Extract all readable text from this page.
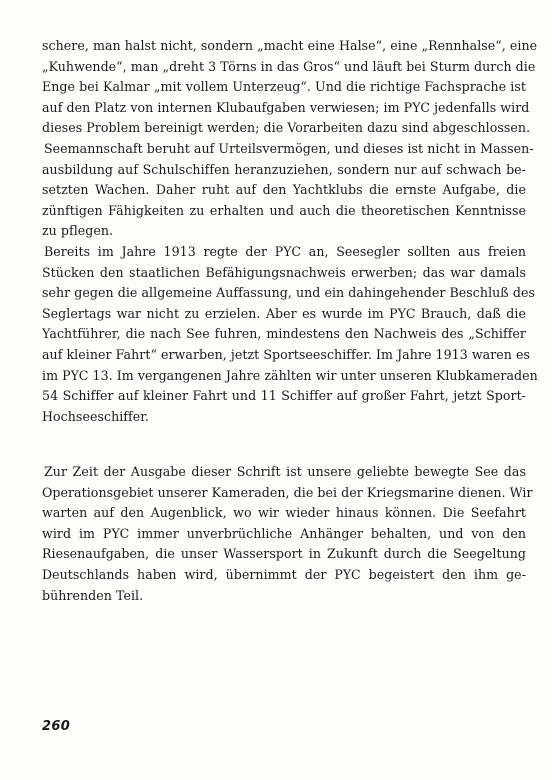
schere, man halst nicht, sondern „macht eine Halse“, eine „Rennhalse“, eine
„Kuhwende“, man „dreht 3 Törns in das Gros“ und läuft bei Sturm durch die
Enge bei Kalmar „mit vollem Unterzeug“. Und die richtige Fachsprache ist
auf den Platz von internen Klubaufgaben verwiesen; im PYC jedenfalls wird
dieses Problem bereinigt werden; die Vorarbeiten dazu sind abgeschlossen.
Seemannschaft beruht auf Urteilsvermögen, und dieses ist nicht in Massen-
ausbildung auf Schulschiffen heranzuziehen, sondern nur auf schwach be-
setzten Wachen. Daher ruht auf den Yachtklubs die ernste Aufgabe, die
zünftigen Fähigkeiten zu erhalten und auch die theoretischen Kenntnisse
zu pflegen.
Bereits im Jahre 1913 regte der PYC an, Seesegler sollten aus freien
Stücken den staatlichen Befähigungsnachweis erwerben; das war damals
sehr gegen die allgemeine Auffassung, und ein dahingehender Beschluß des
Seglertags war nicht zu erzielen. Aber es wurde im PYC Brauch, daß die
Yachtführer, die nach See fuhren, mindestens den Nachweis des „Schiffer
auf kleiner Fahrt“ erwarben, jetzt Sportseeschiffer. Im Jahre 1913 waren es
im PYC 13. Im vergangenen Jahre zählten wir unter unseren Klubkameraden
54 Schiffer auf kleiner Fahrt und 11 Schiffer auf großer Fahrt, jetzt Sport-
Hochseeschiffer.
Zur Zeit der Ausgabe dieser Schrift ist unsere geliebte bewegte See das
Operationsgebiet unserer Kameraden, die bei der Kriegsmarine dienen. Wir
warten auf den Augenblick, wo wir wieder hinaus können. Die Seefahrt
wird im PYC immer unverbrüchliche Anhänger behalten, und von den
Riesenaufgaben, die unser Wassersport in Zukunft durch die Seegeltung
Deutschlands haben wird, übernimmt der PYC begeistert den ihm ge-
bührenden Teil.
260
